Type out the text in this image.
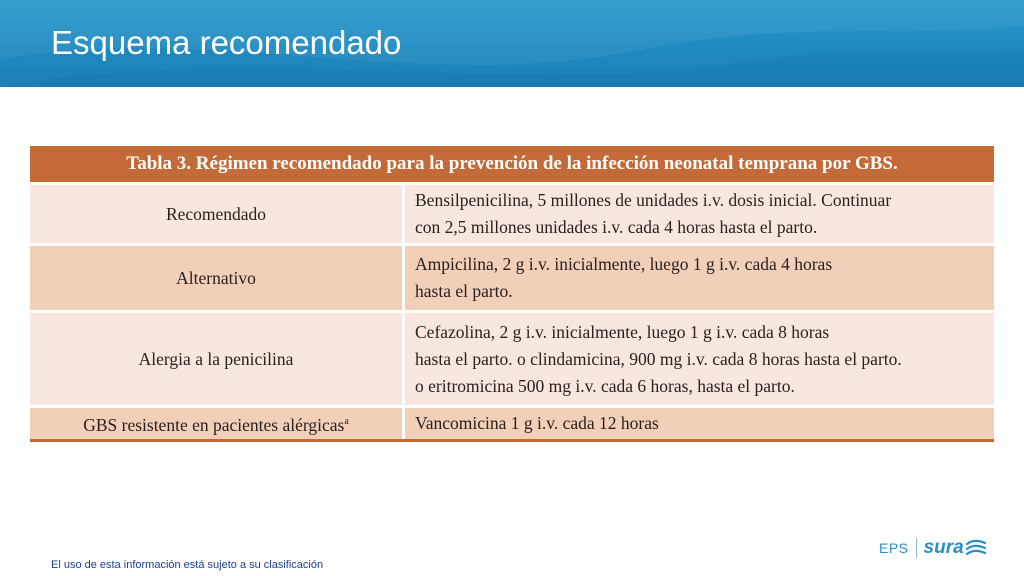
Esquema recomendado
Tabla 3. Régimen recomendado para la prevención de la infección neonatal temprana por GBS.	
Recomendado	Bensilpenicilina, 5 millones de unidades i.v. dosis inicial. Continuar
con 2,5 millones unidades i.v. cada 4 horas hasta el parto.

Alternativo	Ampicilina, 2 g i.v. inicialmente, luego 1 g i.v. cada 4 horas
hasta el parto.

Alergia a la penicilina	Cefazolina, 2 g i.v. inicialmente, luego 1 g i.v. cada 8 horas
hasta el parto. o clindamicina, 900 mg i.v. cada 8 horas hasta el parto.
o eritromicina 500 mg i.v. cada 6 horas, hasta el parto.

GBS resistente en pacientes alérgicas$^a$	Vancomicina 1 g i.v. cada 12 horas
El uso de esta información está sujeto a su clasificación
EPS sura
